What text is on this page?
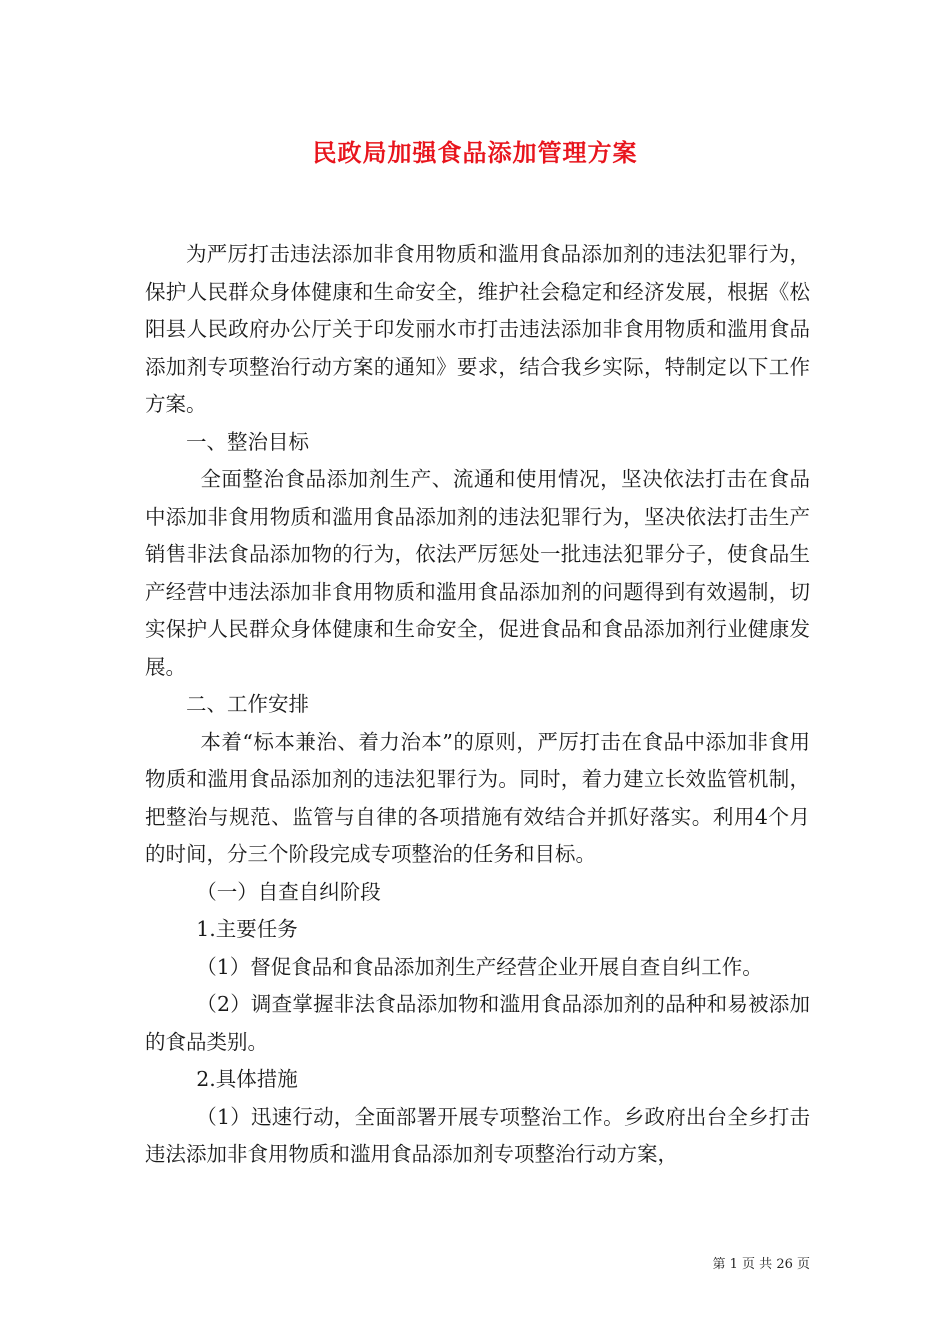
民政局加强食品添加管理方案

为严厉打击违法添加非食用物质和滥用食品添加剂的违法犯罪行为，保护人民群众身体健康和生命安全，维护社会稳定和经济发展，根据《松阳县人民政府办公厅关于印发丽水市打击违法添加非食用物质和滥用食品添加剂专项整治行动方案的通知》要求，结合我乡实际，特制定以下工作方案。

一、整治目标

全面整治食品添加剂生产、流通和使用情况，坚决依法打击在食品中添加非食用物质和滥用食品添加剂的违法犯罪行为，坚决依法打击生产销售非法食品添加物的行为，依法严厉惩处一批违法犯罪分子，使食品生产经营中违法添加非食用物质和滥用食品添加剂的问题得到有效遏制，切实保护人民群众身体健康和生命安全，促进食品和食品添加剂行业健康发展。

二、工作安排

本着“标本兼治、着力治本”的原则，严厉打击在食品中添加非食用物质和滥用食品添加剂的违法犯罪行为。同时，着力建立长效监管机制，把整治与规范、监管与自律的各项措施有效结合并抓好落实。利用4个月的时间，分三个阶段完成专项整治的任务和目标。

（一）自查自纠阶段

1.主要任务

（1）督促食品和食品添加剂生产经营企业开展自查自纠工作。

（2）调查掌握非法食品添加物和滥用食品添加剂的品种和易被添加的食品类别。

2.具体措施

（1）迅速行动，全面部署开展专项整治工作。乡政府出台全乡打击违法添加非食用物质和滥用食品添加剂专项整治行动方案，

第 1 页 共 26 页
